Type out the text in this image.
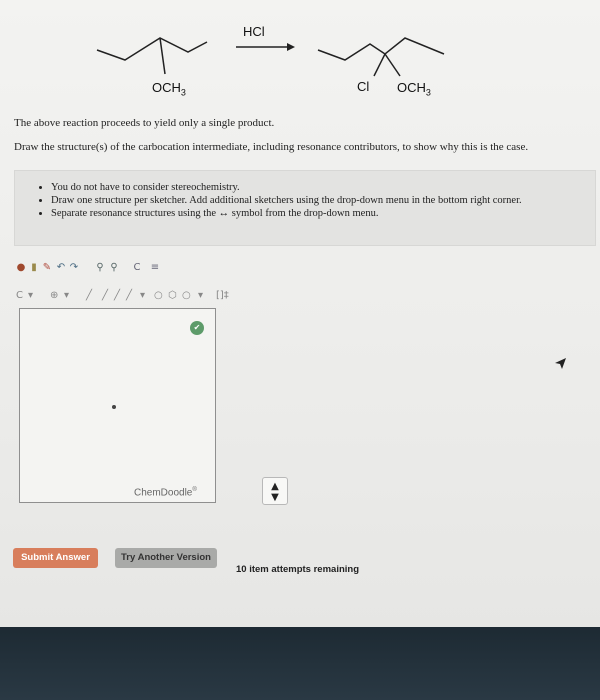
HCl
$OCH_3$	Cl $OCH_3$
The above reaction proceeds to yield only a single product.
Draw the structure(s) of the carbocation intermediate, including resonance contributors, to show why this is the case.
• You do not have to consider stereochemistry.
• Draw one structure per sketcher. Add additional sketchers using the drop-down menu in the bottom right corner.
• Separate resonance structures using the ↔ symbol from the drop-down menu.
● ▮ ✎ ↶ ↷ ⚲ ⚲ C ≡
C ▾ ⊕ ▾ ╱ ╱ ╱ ╱ ▾ ○ ⬡ ○ ▾ []‡
✔
ChemDoodle®	▲
▼
Submit Answer	Try Another Version
10 item attempts remaining
